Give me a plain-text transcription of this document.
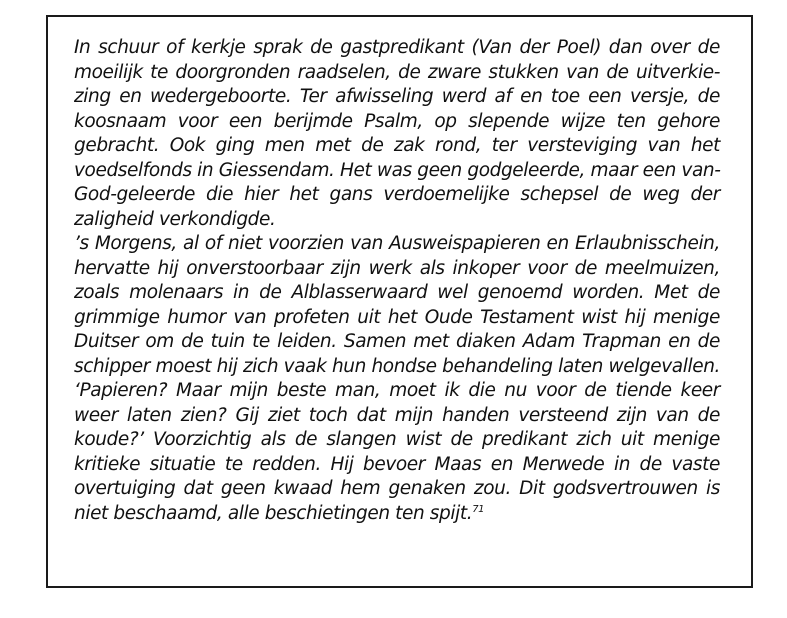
In schuur of kerkje sprak de gastpredikant (Van der Poel) dan over de
moeilijk te doorgronden raadselen, de zware stukken van de uitverkie-
zing en wedergeboorte. Ter afwisseling werd af en toe een versje, de
koosnaam voor een berijmde Psalm, op slepende wijze ten gehore
gebracht. Ook ging men met de zak rond, ter versteviging van het
voedselfonds in Giessendam. Het was geen godgeleerde, maar een van-
God-geleerde die hier het gans verdoemelijke schepsel de weg der
zaligheid verkondigde.
’s Morgens, al of niet voorzien van Ausweispapieren en Erlaubnisschein,
hervatte hij onverstoorbaar zijn werk als inkoper voor de meelmuizen,
zoals molenaars in de Alblasserwaard wel genoemd worden. Met de
grimmige humor van profeten uit het Oude Testament wist hij menige
Duitser om de tuin te leiden. Samen met diaken Adam Trapman en de
schipper moest hij zich vaak hun hondse behandeling laten welgevallen.
‘Papieren? Maar mijn beste man, moet ik die nu voor de tiende keer
weer laten zien? Gij ziet toch dat mijn handen versteend zijn van de
koude?’ Voorzichtig als de slangen wist de predikant zich uit menige
kritieke situatie te redden. Hij bevoer Maas en Merwede in de vaste
overtuiging dat geen kwaad hem genaken zou. Dit godsvertrouwen is
niet beschaamd, alle beschietingen ten spijt.$^{71}$
